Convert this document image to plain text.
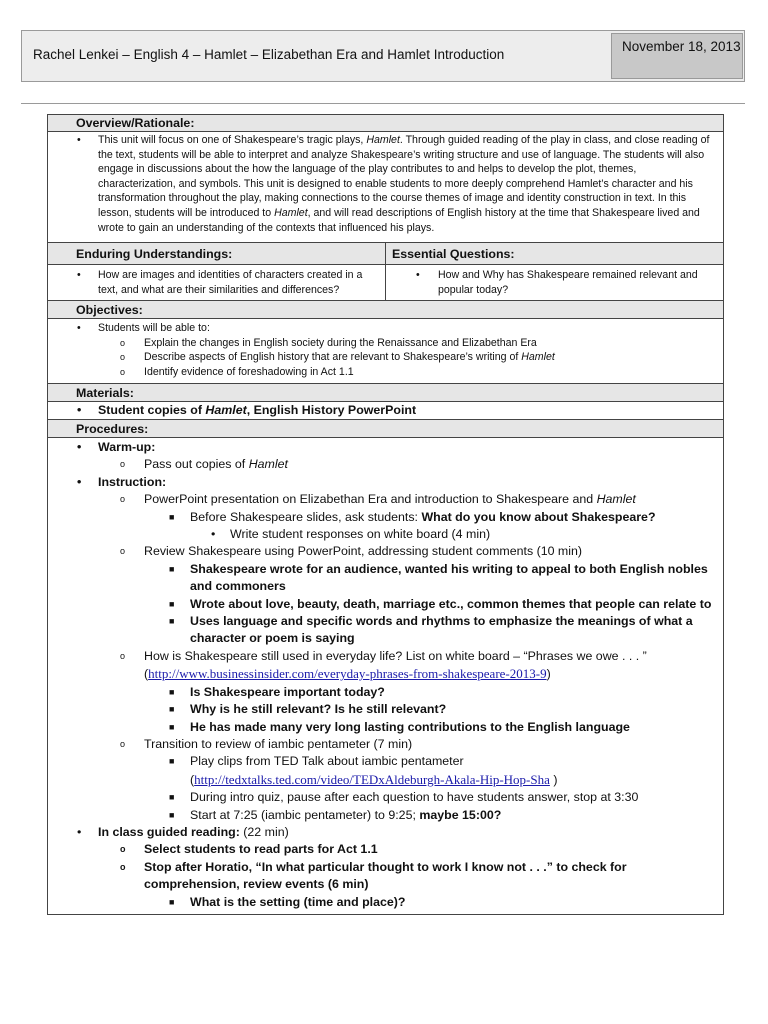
Rachel Lenkei – English 4 – Hamlet – Elizabethan Era and Hamlet Introduction
November 18, 2013
Overview/Rationale:
• This unit will focus on one of Shakespeare’s tragic plays, Hamlet. Through guided reading of the play in class, and close reading of the text, students will be able to interpret and analyze Shakespeare’s writing structure and use of language. The students will also engage in discussions about the how the language of the play contributes to and helps to develop the plot, themes, characterization, and symbols. This unit is designed to enable students to more deeply comprehend Hamlet’s character and his transformation throughout the play, making connections to the course themes of image and identity construction in text. In this lesson, students will be introduced to Hamlet, and will read descriptions of English history at the time that Shakespeare lived and wrote to gain an understanding of the contexts that influenced his plays.
Enduring Understandings:	Essential Questions:
• How are images and identities of characters created in a text, and what are their similarities and differences?
• How and Why has Shakespeare remained relevant and popular today?
Objectives:
• Students will be able to:
o Explain the changes in English society during the Renaissance and Elizabethan Era
o Describe aspects of English history that are relevant to Shakespeare’s writing of Hamlet
o Identify evidence of foreshadowing in Act 1.1
Materials:
• Student copies of Hamlet, English History PowerPoint
Procedures:
• Warm-up:
o Pass out copies of Hamlet
• Instruction:
o PowerPoint presentation on Elizabethan Era and introduction to Shakespeare and Hamlet
■ Before Shakespeare slides, ask students: What do you know about Shakespeare?
• Write student responses on white board (4 min)
o Review Shakespeare using PowerPoint, addressing student comments (10 min)
■ Shakespeare wrote for an audience, wanted his writing to appeal to both English nobles and commoners
■ Wrote about love, beauty, death, marriage etc., common themes that people can relate to
■ Uses language and specific words and rhythms to emphasize the meanings of what a character or poem is saying
o How is Shakespeare still used in everyday life? List on white board – “Phrases we owe . . . ”
(http://www.businessinsider.com/everyday-phrases-from-shakespeare-2013-9)
■ Is Shakespeare important today?
■ Why is he still relevant? Is he still relevant?
■ He has made many very long lasting contributions to the English language
o Transition to review of iambic pentameter (7 min)
■ Play clips from TED Talk about iambic pentameter
(http://tedxtalks.ted.com/video/TEDxAldeburgh-Akala-Hip-Hop-Sha )
■ During intro quiz, pause after each question to have students answer, stop at 3:30
■ Start at 7:25 (iambic pentameter) to 9:25; maybe 15:00?
• In class guided reading: (22 min)
o Select students to read parts for Act 1.1
o Stop after Horatio, “In what particular thought to work I know not . . .” to check for comprehension, review events (6 min)
■ What is the setting (time and place)?
